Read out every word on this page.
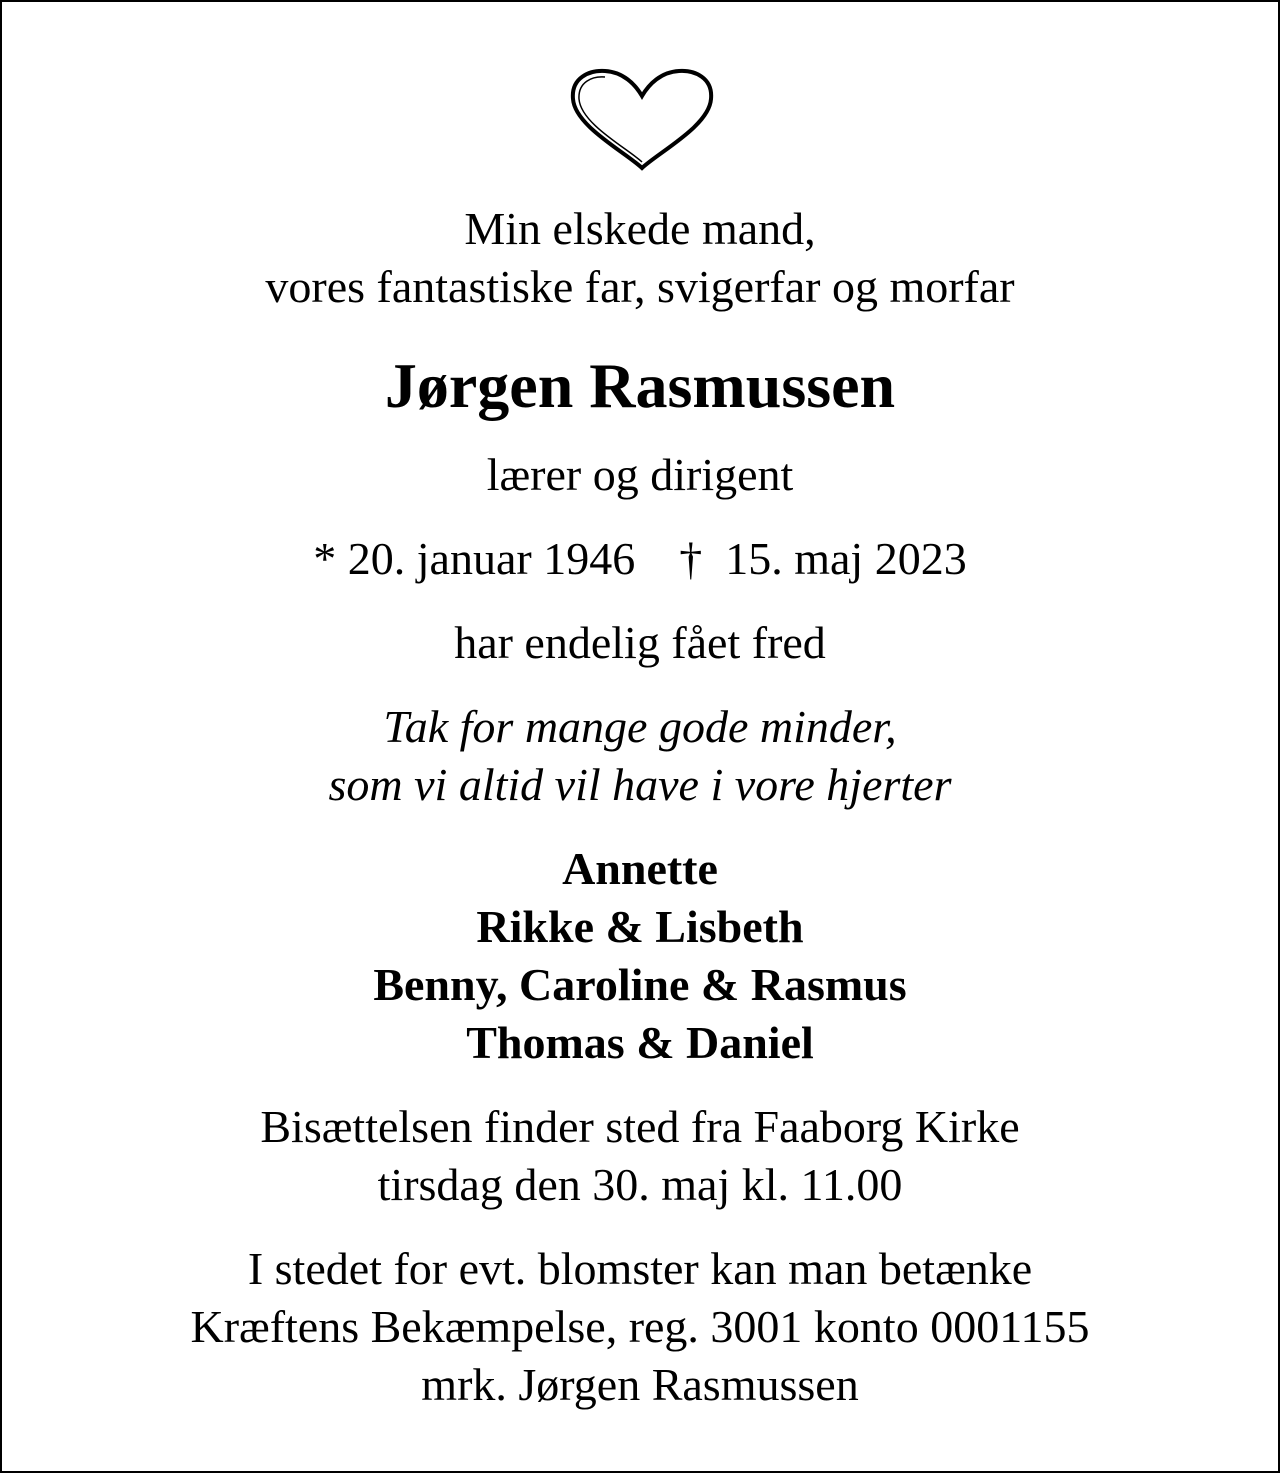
Min elskede mand,
vores fantastiske far, svigerfar og morfar
Jørgen Rasmussen
lærer og dirigent
* 20. januar 1946 †  15. maj 2023
har endelig fået fred
Tak for mange gode minder,
som vi altid vil have i vore hjerter
Annette
Rikke & Lisbeth
Benny, Caroline & Rasmus
Thomas & Daniel
Bisættelsen finder sted fra Faaborg Kirke
tirsdag den 30. maj kl. 11.00
I stedet for evt. blomster kan man betænke
Kræftens Bekæmpelse, reg. 3001 konto 0001155
mrk. Jørgen Rasmussen
